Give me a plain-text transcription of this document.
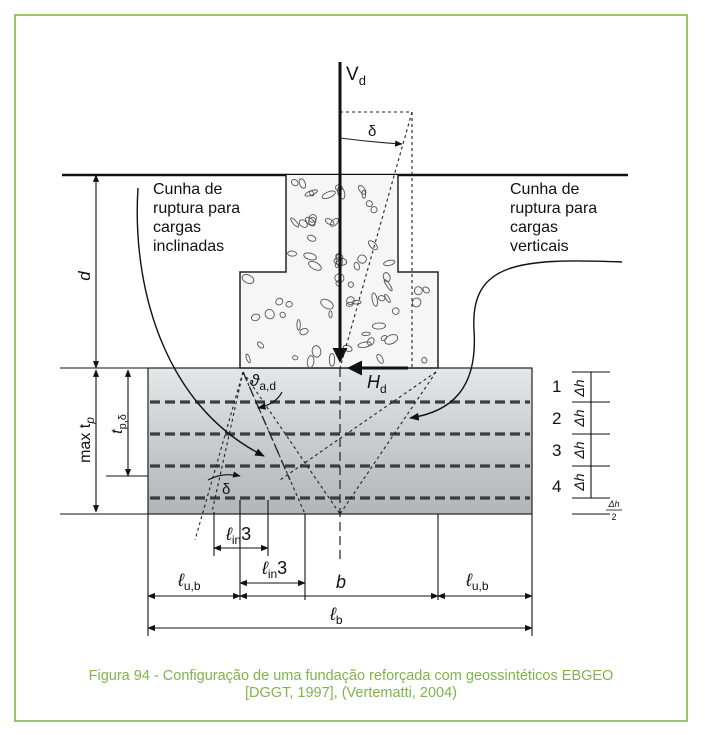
$V_d$
δ
$H_d$
$ϑ_{a,d}$
Cunha de ruptura para cargas inclinadas
Cunha de ruptura para cargas verticais
d
$\max t_p$
$t_{p,\delta}$
δ
ℓ$_{in}$3
ℓ$_{in}$3
ℓ$_{u,b}$	b	ℓ$_{u,b}$
ℓ$_b$
1
2
3
4
Δh
Δh
Δh
Δh
Δh
2
Figura 94 - Configuração de uma fundação reforçada com geossintéticos EBGEO
[DGGT, 1997], (Vertematti, 2004)
